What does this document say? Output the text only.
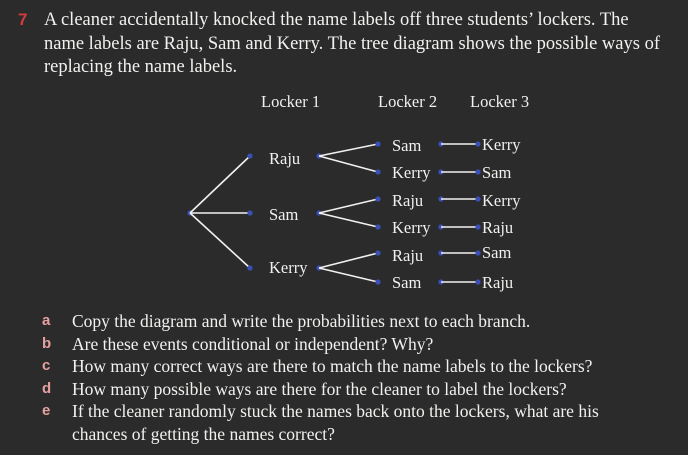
7 A cleaner accidentally knocked the name labels off three students’ lockers. The
name labels are Raju, Sam and Kerry. The tree diagram shows the possible ways of
replacing the name labels.
Locker 1	Locker 2 Locker 3
Raju
Sam
Kerry
Sam
Kerry
Raju
Kerry
Raju
Sam
Kerry
Sam
Kerry
Raju
Sam
Raju
a Copy the diagram and write the probabilities next to each branch.
b Are these events conditional or independent? Why?
c How many correct ways are there to match the name labels to the lockers?
d How many possible ways are there for the cleaner to label the lockers?
e If the cleaner randomly stuck the names back onto the lockers, what are his
chances of getting the names correct?
